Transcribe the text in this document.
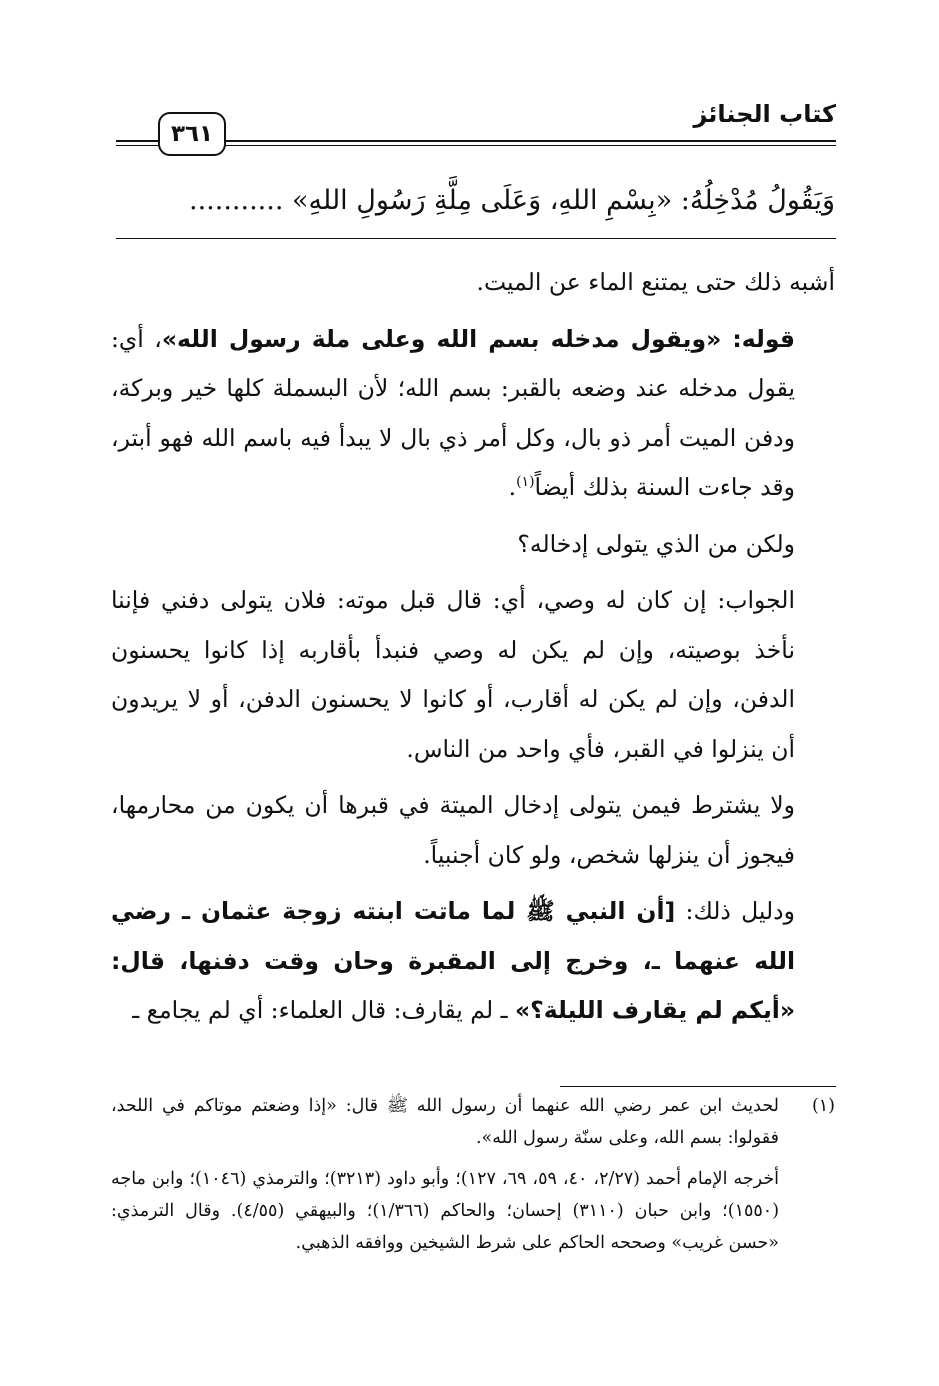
كتاب الجنائز
٣٦١
وَيَقُولُ مُدْخِلُهُ: «بِسْمِ اللهِ، وَعَلَى مِلَّةِ رَسُولِ اللهِ» ...........

أشبه ذلك حتى يمتنع الماء عن الميت.

قوله: «ويقول مدخله بسم الله وعلى ملة رسول الله»، أي: يقول مدخله عند وضعه بالقبر: بسم الله؛ لأن البسملة كلها خير وبركة، ودفن الميت أمر ذو بال، وكل أمر ذي بال لا يبدأ فيه باسم الله فهو أبتر، وقد جاءت السنة بذلك أيضاً$^{(١)}$.

ولكن من الذي يتولى إدخاله؟

الجواب: إن كان له وصي، أي: قال قبل موته: فلان يتولى دفني فإننا نأخذ بوصيته، وإن لم يكن له وصي فنبدأ بأقاربه إذا كانوا يحسنون الدفن، وإن لم يكن له أقارب، أو كانوا لا يحسنون الدفن، أو لا يريدون أن ينزلوا في القبر، فأي واحد من الناس.

ولا يشترط فيمن يتولى إدخال الميتة في قبرها أن يكون من محارمها، فيجوز أن ينزلها شخص، ولو كان أجنبياً.

ودليل ذلك: [أن النبي ﷺ لما ماتت ابنته زوجة عثمان ـ رضي الله عنهما ـ، وخرج إلى المقبرة وحان وقت دفنها، قال: «أيكم لم يقارف الليلة؟» ـ لم يقارف: قال العلماء: أي لم يجامع ـ

(١)
لحديث ابن عمر رضي الله عنهما أن رسول الله ﷺ قال: «إذا وضعتم موتاكم في اللحد، فقولوا: بسم الله، وعلى سنّة رسول الله».

أخرجه الإمام أحمد (٢/٢٧، ٤٠، ٥٩، ٦٩، ١٢٧)؛ وأبو داود (٣٢١٣)؛ والترمذي (١٠٤٦)؛ وابن ماجه (١٥٥٠)؛ وابن حبان (٣١١٠) إحسان؛ والحاكم (١/٣٦٦)؛ والبيهقي (٤/٥٥). وقال الترمذي: «حسن غريب» وصححه الحاكم على شرط الشيخين ووافقه الذهبي.
